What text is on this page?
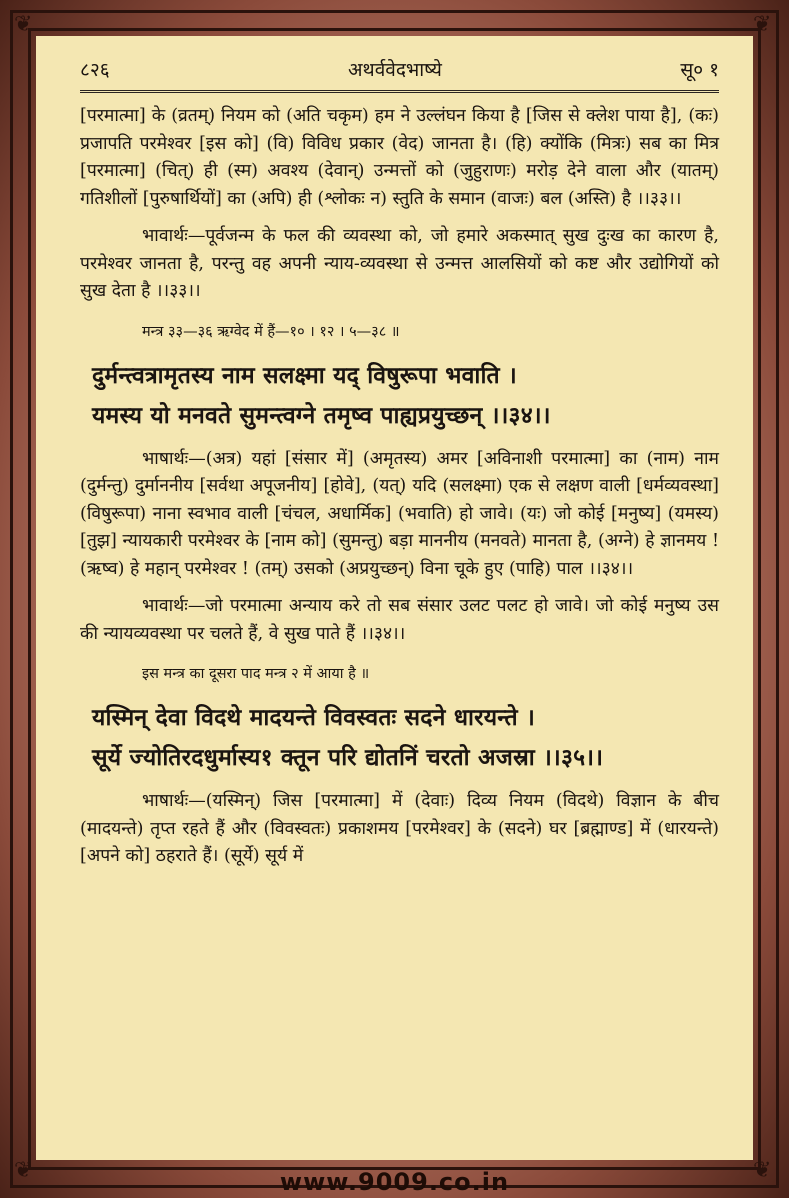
❦	❦
❦	❦
८२६	अथर्ववेदभाष्ये	सू० १

[परमात्मा] के (व्रतम्) नियम को (अति चकृम) हम ने उल्लंघन किया है [जिस से क्लेश पाया है], (कः) प्रजापति परमेश्वर [इस को] (वि) विविध प्रकार (वेद) जानता है। (हि) क्योंकि (मित्रः) सब का मित्र [परमात्मा] (चित्) ही (स्म) अवश्य (देवान्) उन्मत्तों को (जुहुराणः) मरोड़ देने वाला और (यातम्) गतिशीलों [पुरुषार्थियों] का (अपि) ही (श्लोकः न) स्तुति के समान (वाजः) बल (अस्ति) है ।।३३।।

भावार्थः—पूर्वजन्म के फल की व्यवस्था को, जो हमारे अकस्मात् सुख दुःख का कारण है, परमेश्वर जानता है, परन्तु वह अपनी न्याय-व्यवस्था से उन्मत्त आलसियों को कष्ट और उद्योगियों को सुख देता है ।।३३।।

मन्त्र ३३—३६ ऋग्वेद में हैं—१० । १२ । ५—३८ ॥
दुर्मन्त्वत्रामृतस्य नाम सलक्ष्मा यद् विषुरूपा भवाति ।
यमस्य यो मनवते सुमन्त्वग्ने तमृष्व पाह्यप्रयुच्छन् ।।३४।।

भाषार्थः—(अत्र) यहां [संसार में] (अमृतस्य) अमर [अविनाशी परमात्मा] का (नाम) नाम (दुर्मन्तु) दुर्माननीय [सर्वथा अपूजनीय] [होवे], (यत्) यदि (सलक्ष्मा) एक से लक्षण वाली [धर्मव्यवस्था] (विषुरूपा) नाना स्वभाव वाली [चंचल, अधार्मिक] (भवाति) हो जावे। (यः) जो कोई [मनुष्य] (यमस्य) [तुझ] न्यायकारी परमेश्वर के [नाम को] (सुमन्तु) बड़ा माननीय (मनवते) मानता है, (अग्ने) हे ज्ञानमय ! (ऋष्व) हे महान् परमेश्वर ! (तम्) उसको (अप्रयुच्छन्) विना चूके हुए (पाहि) पाल ।।३४।।

भावार्थः—जो परमात्मा अन्याय करे तो सब संसार उलट पलट हो जावे। जो कोई मनुष्य उस की न्यायव्यवस्था पर चलते हैं, वे सुख पाते हैं ।।३४।।

इस मन्त्र का दूसरा पाद मन्त्र २ में आया है ॥
यस्मिन् देवा विदथे मादयन्ते विवस्वतः सदने धारयन्ते ।
सूर्ये ज्योतिरदधुर्मास्य१ क्तून परि द्योतनिं चरतो अजस्रा ।।३५।।

भाषार्थः—(यस्मिन्) जिस [परमात्मा] में (देवाः) दिव्य नियम (विदथे) विज्ञान के बीच (मादयन्ते) तृप्त रहते हैं और (विवस्वतः) प्रकाशमय [परमेश्वर] के (सदने) घर [ब्रह्माण्ड] में (धारयन्ते) [अपने को] ठहराते हैं। (सूर्ये) सूर्य में

www.9009.co.in
